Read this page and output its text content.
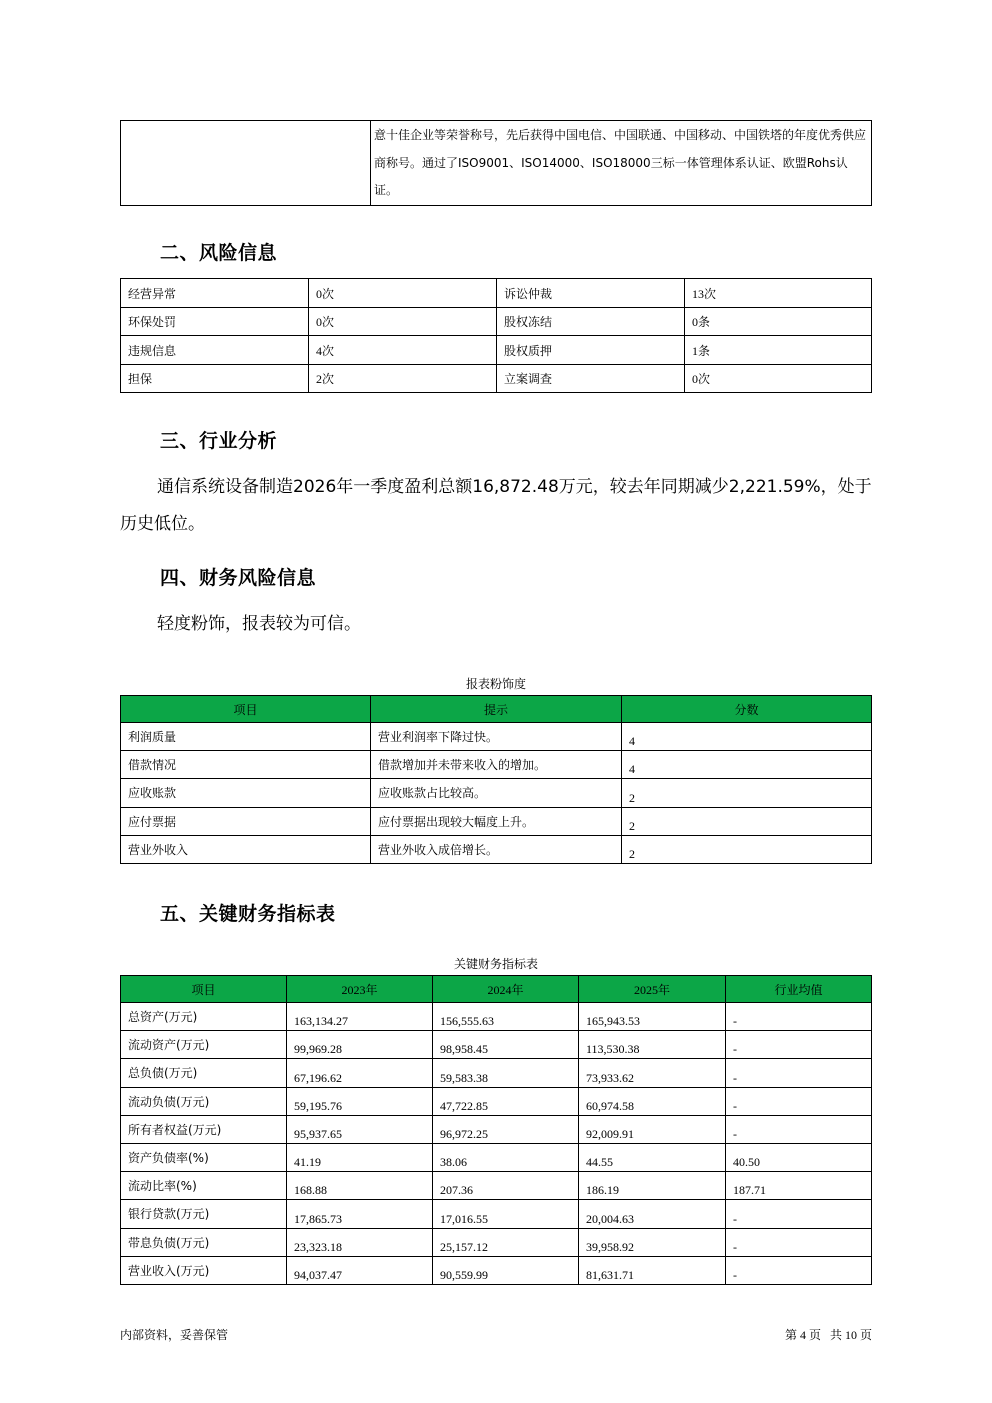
意十佳企业等荣誉称号，先后获得中国电信、中国联通、中国移动、中国铁塔的年度优秀供应商称号。通过了ISO9001、ISO14000、ISO18000三标一体管理体系认证、欧盟Rohs认证。
二、风险信息
经营异常	0次	诉讼仲裁	13次
环保处罚	0次	股权冻结	0条
违规信息	4次	股权质押	1条
担保	2次	立案调查	0次
三、行业分析
通信系统设备制造2026年一季度盈利总额16,872.48万元，较去年同期减少2,221.59%，处于历史低位。
四、财务风险信息
轻度粉饰，报表较为可信。
报表粉饰度
项目	提示	分数
利润质量	营业利润率下降过快。	4
借款情况	借款增加并未带来收入的增加。	4
应收账款	应收账款占比较高。	2
应付票据	应付票据出现较大幅度上升。	2
营业外收入	营业外收入成倍增长。	2
五、关键财务指标表
关键财务指标表
项目	2023年	2024年	2025年	行业均值
总资产(万元)	163,134.27	156,555.63	165,943.53	-
流动资产(万元)	99,969.28	98,958.45	113,530.38	-
总负债(万元)	67,196.62	59,583.38	73,933.62	-
流动负债(万元)	59,195.76	47,722.85	60,974.58	-
所有者权益(万元)	95,937.65	96,972.25	92,009.91	-
资产负债率(%)	41.19	38.06	44.55	40.50
流动比率(%)	168.88	207.36	186.19	187.71
银行贷款(万元)	17,865.73	17,016.55	20,004.63	-
带息负债(万元)	23,323.18	25,157.12	39,958.92	-
营业收入(万元)	94,037.47	90,559.99	81,631.71	-
内部资料，妥善保管	第 4 页   共 10 页
